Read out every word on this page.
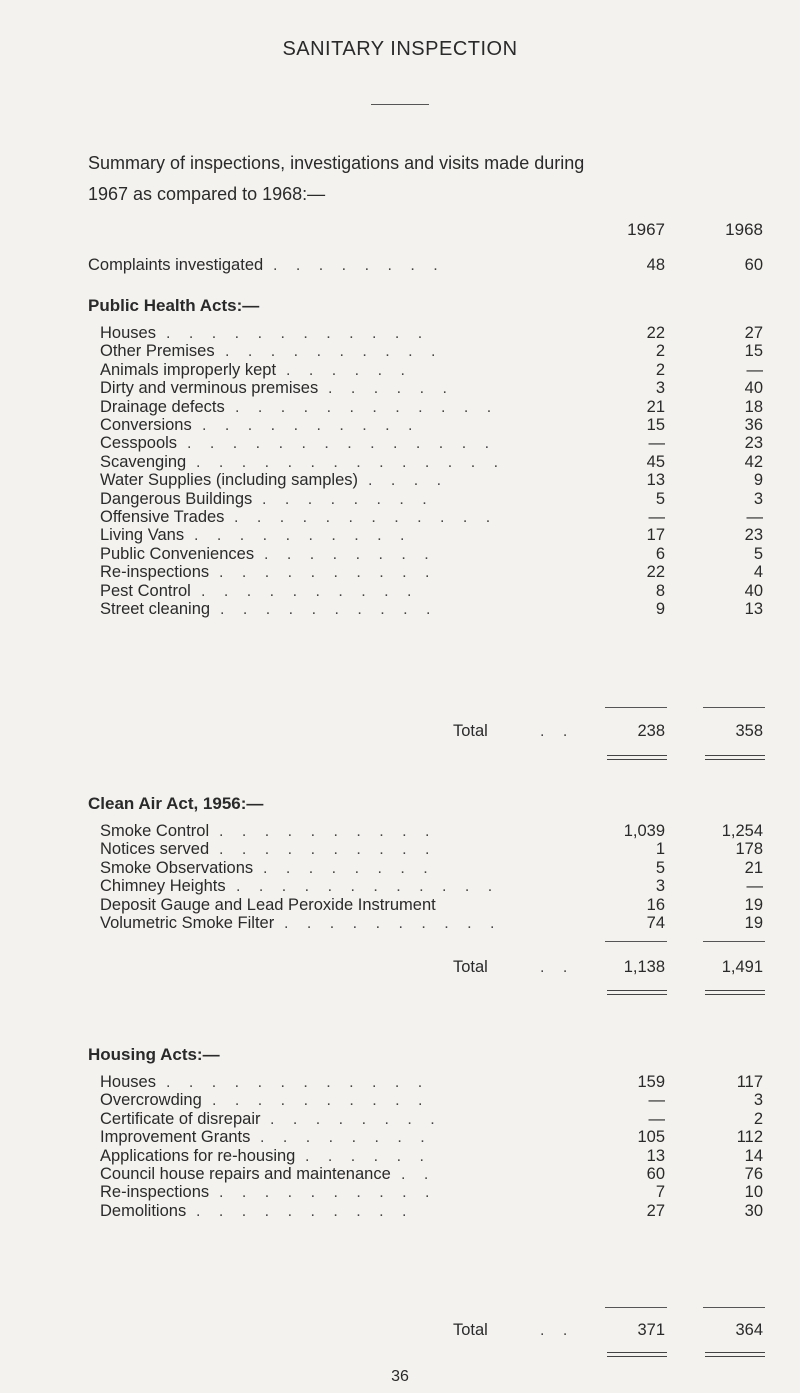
SANITARY INSPECTION
Summary of inspections, investigations and visits made during
1967 as compared to 1968:—
1967	1968
Complaints investigated . . . . . . . .	48	60
Public Health Acts:—
Houses . . . . . . . . . . . .	22	27
Other Premises . . . . . . . . . .	2	15
Animals improperly kept . . . . . .	2	—
Dirty and verminous premises . . . . . .	3	40
Drainage defects . . . . . . . . . . . .	21	18
Conversions . . . . . . . . . .	15	36
Cesspools . . . . . . . . . . . . . .	—	23
Scavenging . . . . . . . . . . . . . .	45	42
Water Supplies (including samples) . . . .	13	9
Dangerous Buildings . . . . . . . .	5	3
Offensive Trades . . . . . . . . . . . .	—	—
Living Vans . . . . . . . . . .	17	23
Public Conveniences . . . . . . . .	6	5
Re-inspections . . . . . . . . . .	22	4
Pest Control . . . . . . . . . .	8	40
Street cleaning . . . . . . . . . .	9	13
Total	. .	238	358
Clean Air Act, 1956:—
Smoke Control . . . . . . . . . .	1,039	1,254
Notices served . . . . . . . . . .	1	178
Smoke Observations . . . . . . . .	5	21
Chimney Heights . . . . . . . . . . . .	3	—
Deposit Gauge and Lead Peroxide Instrument	16	19
Volumetric Smoke Filter . . . . . . . . . .	74	19
Total	. .	1,138	1,491
Housing Acts:—
Houses . . . . . . . . . . . .	159	117
Overcrowding . . . . . . . . . .	—	3
Certificate of disrepair . . . . . . . .	—	2
Improvement Grants . . . . . . . .	105	112
Applications for re-housing . . . . . .	13	14
Council house repairs and maintenance . .	60	76
Re-inspections . . . . . . . . . .	7	10
Demolitions . . . . . . . . . .	27	30
Total	. .	371	364
36
